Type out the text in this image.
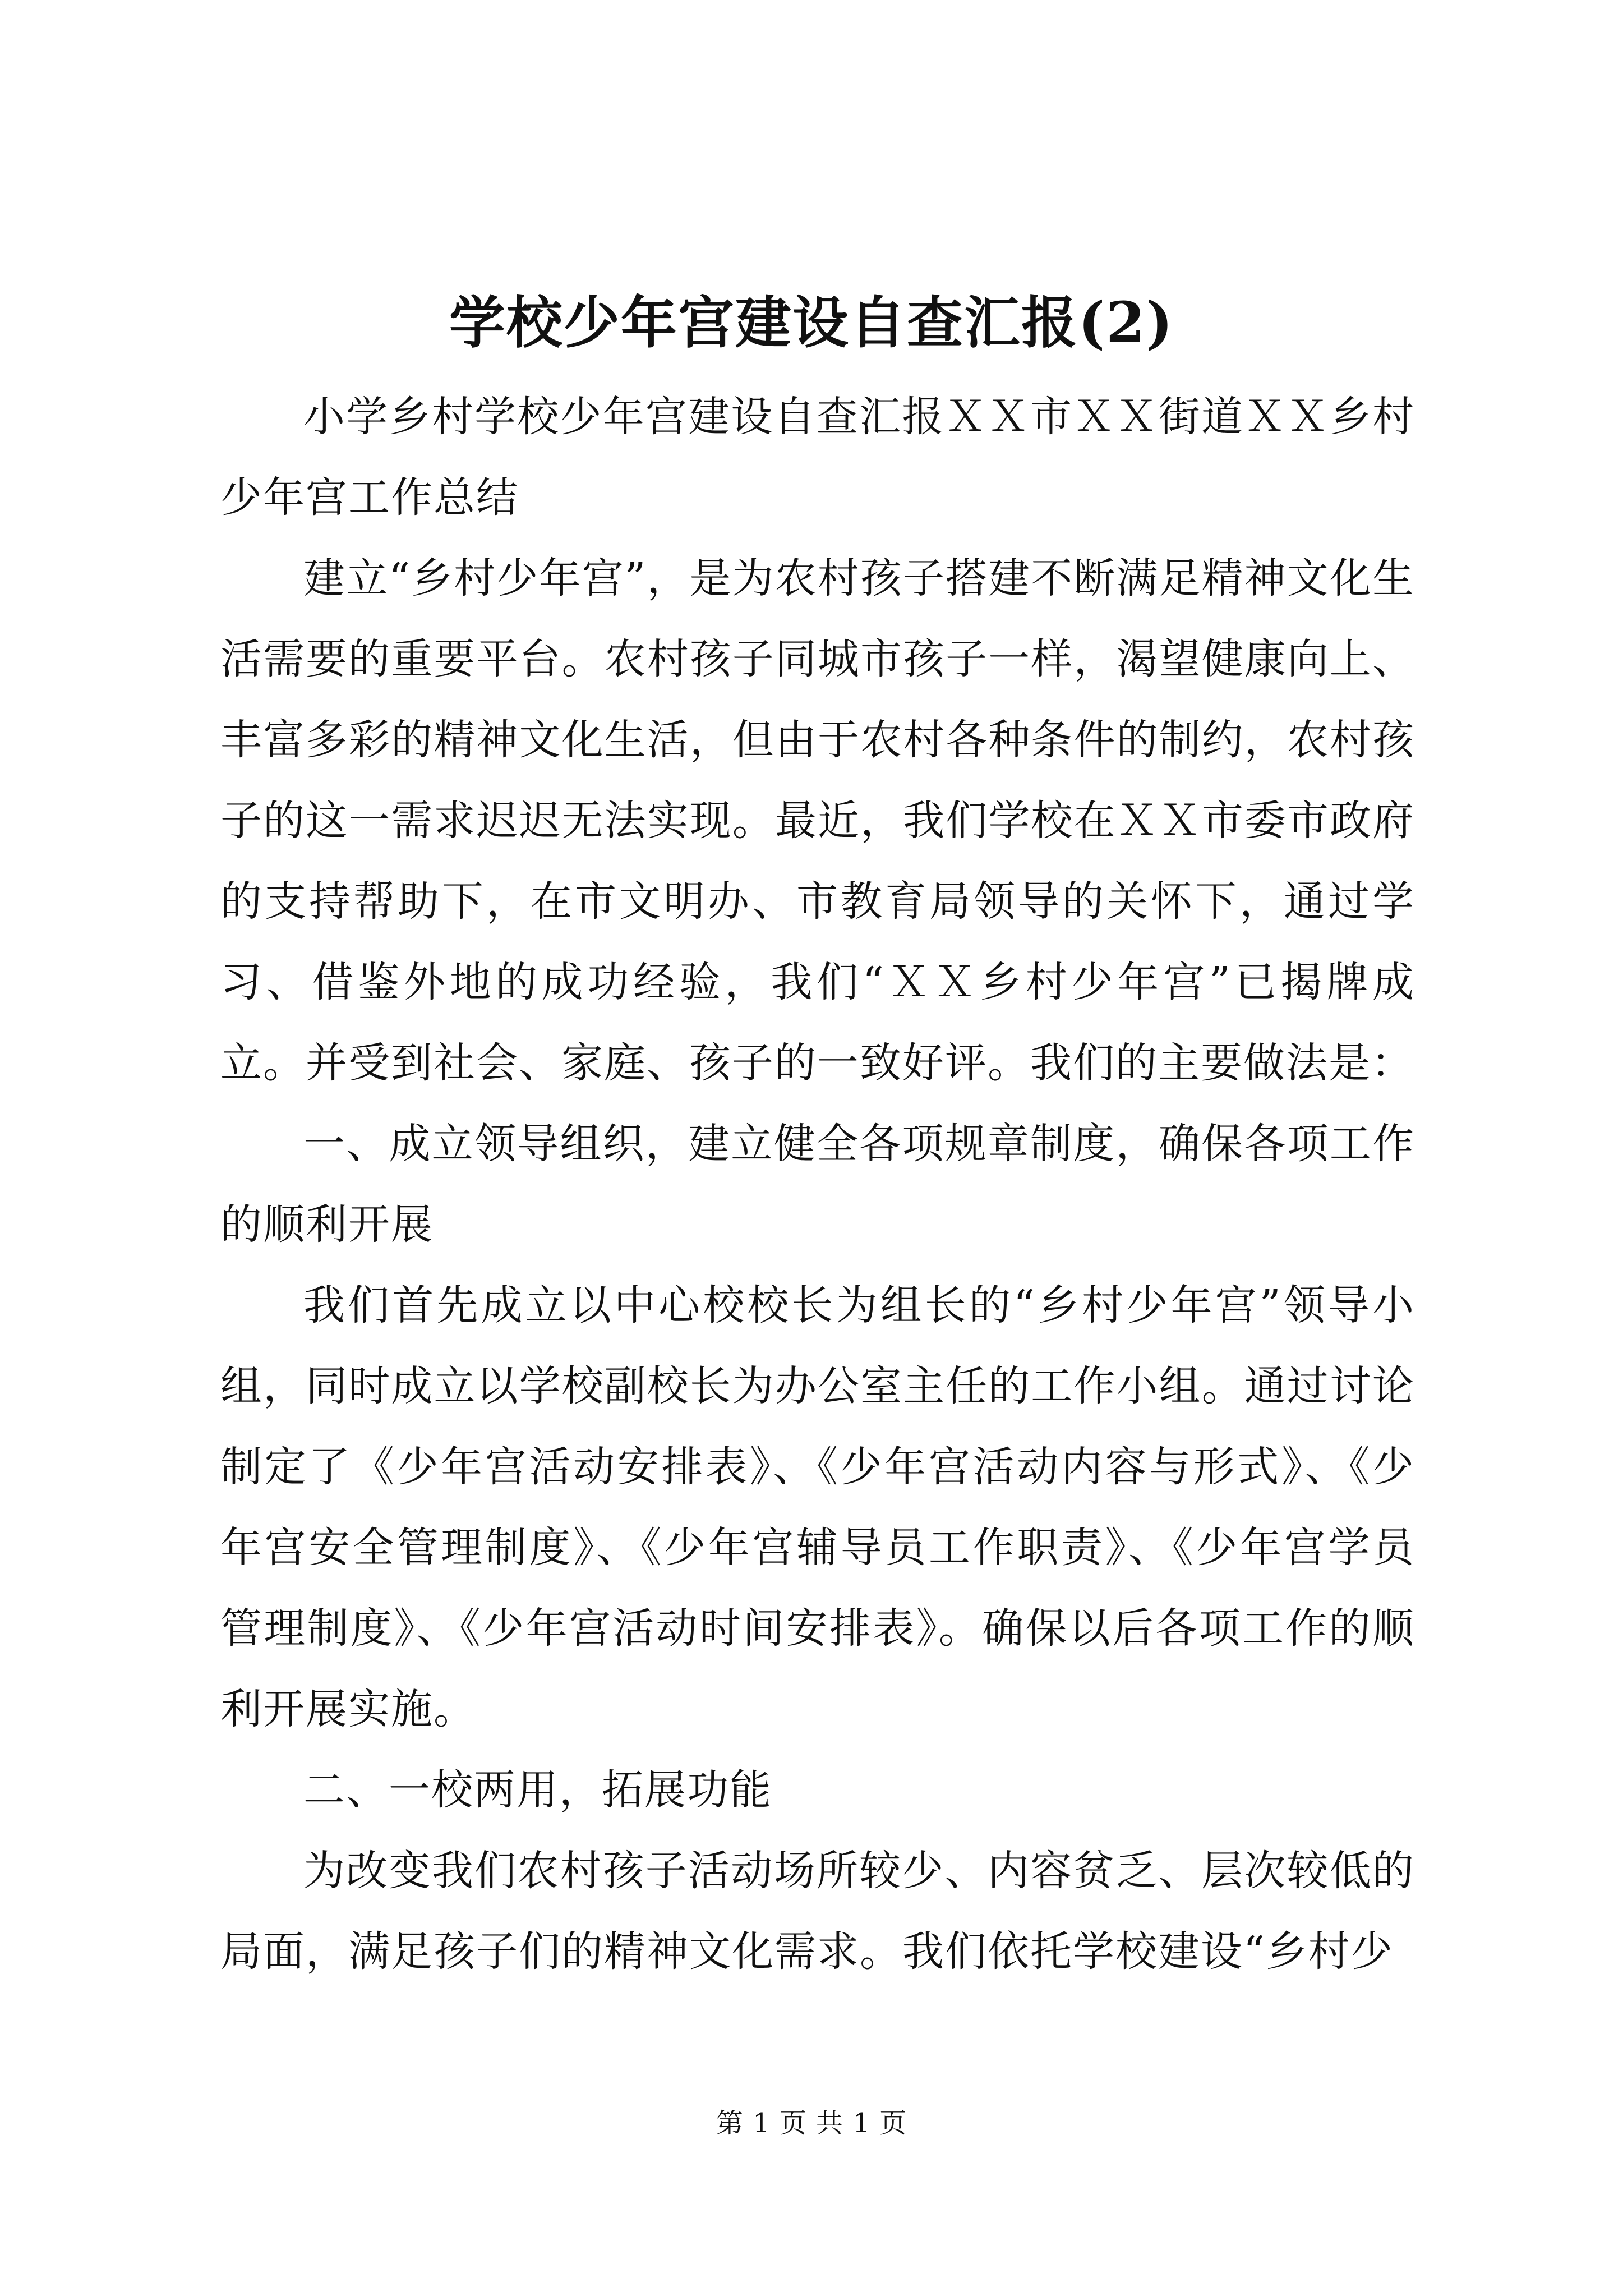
学校少年宫建设自查汇报(2)

小学乡村学校少年宫建设自查汇报ＸＸ市ＸＸ街道ＸＸ乡村少年宫工作总结

建立“乡村少年宫”，是为农村孩子搭建不断满足精神文化生活需要的重要平台。农村孩子同城市孩子一样，渴望健康向上、丰富多彩的精神文化生活，但由于农村各种条件的制约，农村孩子的这一需求迟迟无法实现。最近，我们学校在ＸＸ市委市政府的支持帮助下，在市文明办、市教育局领导的关怀下，通过学习、借鉴外地的成功经验，我们“ＸＸ乡村少年宫”已揭牌成立。并受到社会、家庭、孩子的一致好评。我们的主要做法是：

一、成立领导组织，建立健全各项规章制度，确保各项工作的顺利开展

我们首先成立以中心校校长为组长的“乡村少年宫”领导小组，同时成立以学校副校长为办公室主任的工作小组。通过讨论制定了《少年宫活动安排表》、《少年宫活动内容与形式》、《少年宫安全管理制度》、《少年宫辅导员工作职责》、《少年宫学员管理制度》、《少年宫活动时间安排表》。确保以后各项工作的顺利开展实施。

二、一校两用，拓展功能

为改变我们农村孩子活动场所较少、内容贫乏、层次较低的局面，满足孩子们的精神文化需求。我们依托学校建设“乡村少

第 1 页 共 1 页
